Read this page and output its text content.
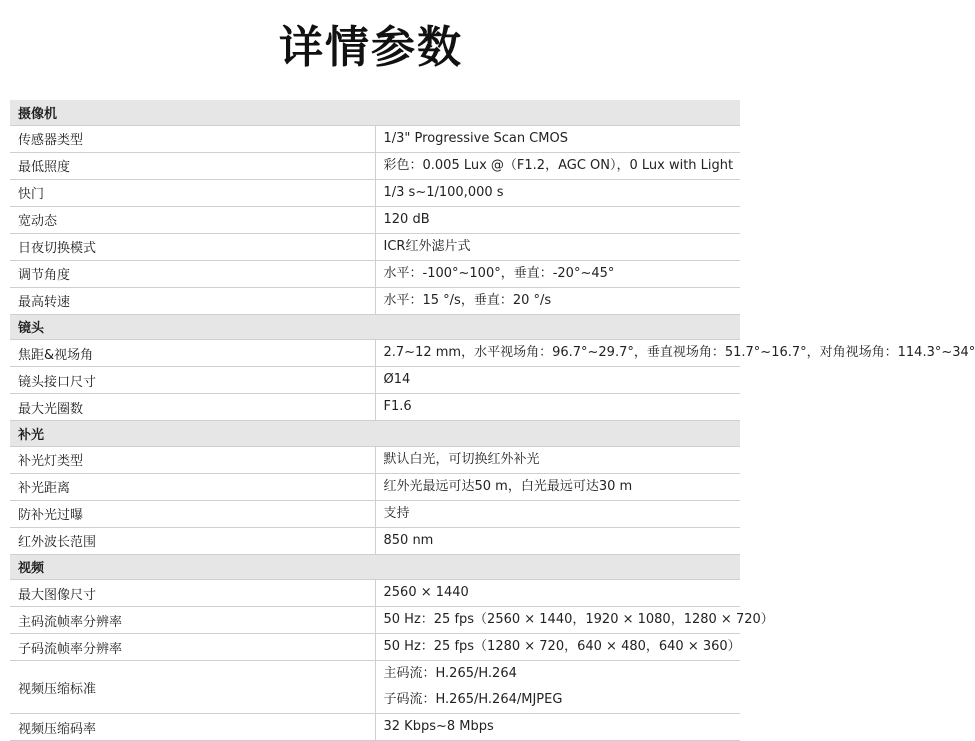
详情参数
摄像机	
传感器类型	1/3" Progressive Scan CMOS

最低照度	彩色：0.005 Lux @（F1.2，AGC ON），0 Lux with Light

快门	1/3 s~1/100,000 s

宽动态	120 dB

日夜切换模式	ICR红外滤片式

调节角度	水平：-100°~100°，垂直：-20°~45°

最高转速	水平：15 °/s，垂直：20 °/s

镜头	
焦距&视场角	2.7~12 mm，水平视场角：96.7°~29.7°，垂直视场角：51.7°~16.7°，对角视场角：114.3°~34°

镜头接口尺寸	Ø14

最大光圈数	F1.6

补光	
补光灯类型	默认白光，可切换红外补光

补光距离	红外光最远可达50 m，白光最远可达30 m

防补光过曝	支持

红外波长范围	850 nm

视频	
最大图像尺寸	2560 × 1440

主码流帧率分辨率	50 Hz：25 fps（2560 × 1440，1920 × 1080，1280 × 720）

子码流帧率分辨率	50 Hz：25 fps（1280 × 720，640 × 480，640 × 360）

视频压缩标准	主码流：H.265/H.264
子码流：H.265/H.264/MJPEG

视频压缩码率	32 Kbps~8 Mbps
